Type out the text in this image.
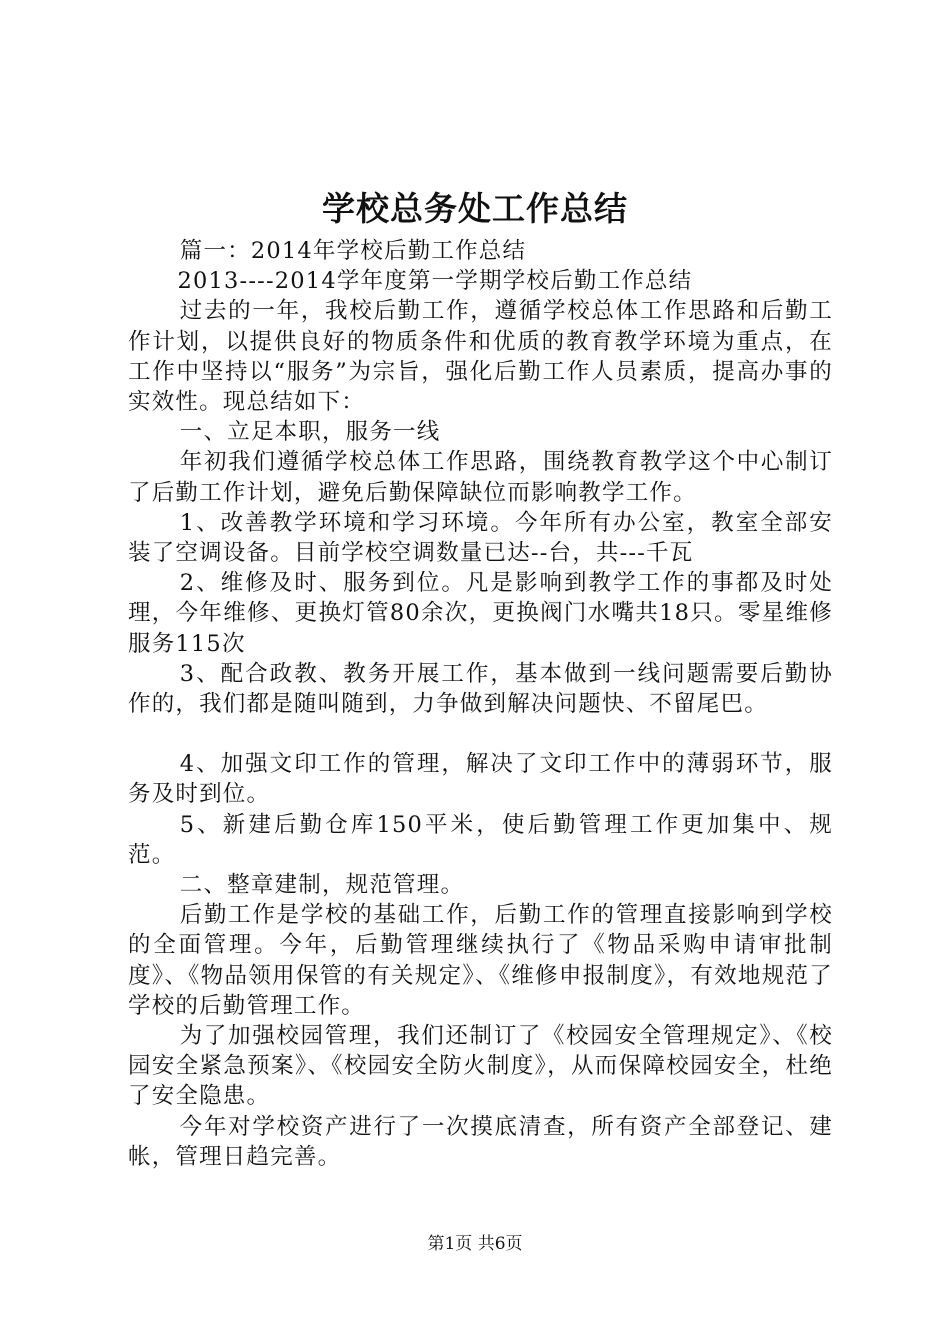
学校总务处工作总结

篇一：2014年学校后勤工作总结

2013----2014学年度第一学期学校后勤工作总结

过去的一年，我校后勤工作，遵循学校总体工作思路和后勤工作计划，以提供良好的物质条件和优质的教育教学环境为重点，在工作中坚持以“服务”为宗旨，强化后勤工作人员素质，提高办事的实效性。现总结如下：

一、立足本职，服务一线

年初我们遵循学校总体工作思路，围绕教育教学这个中心制订了后勤工作计划，避免后勤保障缺位而影响教学工作。

1、改善教学环境和学习环境。今年所有办公室，教室全部安装了空调设备。目前学校空调数量已达--台，共---千瓦

2、维修及时、服务到位。凡是影响到教学工作的事都及时处理，今年维修、更换灯管80余次，更换阀门水嘴共18只。零星维修服务115次

3、配合政教、教务开展工作，基本做到一线问题需要后勤协作的，我们都是随叫随到，力争做到解决问题快、不留尾巴。

4、加强文印工作的管理，解决了文印工作中的薄弱环节，服务及时到位。

5、新建后勤仓库150平米，使后勤管理工作更加集中、规范。

二、整章建制，规范管理。

后勤工作是学校的基础工作，后勤工作的管理直接影响到学校的全面管理。今年，后勤管理继续执行了《物品采购申请审批制度》、《物品领用保管的有关规定》、《维修申报制度》，有效地规范了学校的后勤管理工作。

为了加强校园管理，我们还制订了《校园安全管理规定》、《校园安全紧急预案》、《校园安全防火制度》，从而保障校园安全，杜绝了安全隐患。

今年对学校资产进行了一次摸底清查，所有资产全部登记、建帐，管理日趋完善。

第1页 共6页
